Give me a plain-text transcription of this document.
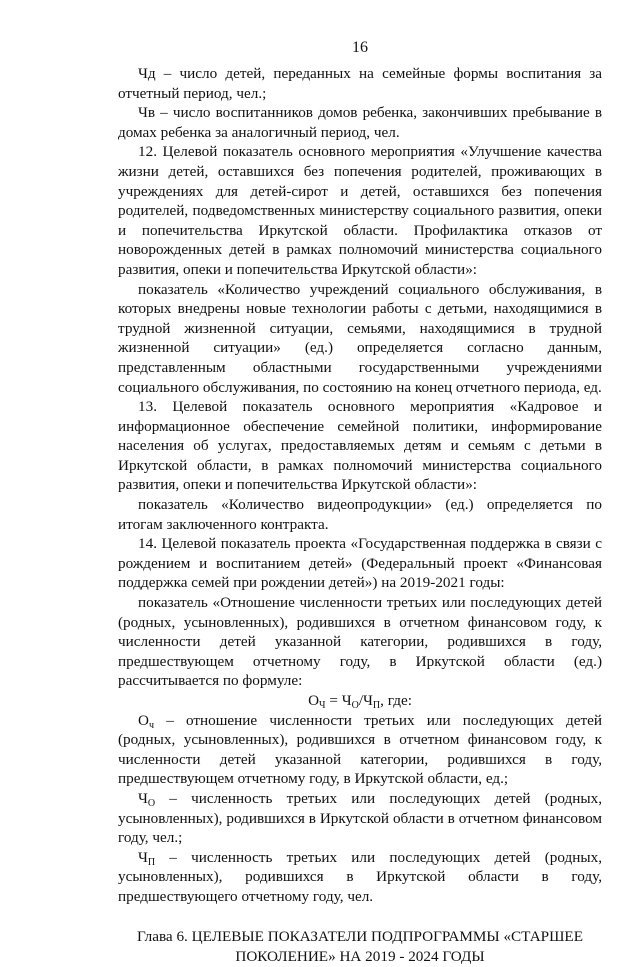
16

Чд – число детей, переданных на семейные формы воспитания за отчетный период, чел.;

Чв – число воспитанников домов ребенка, закончивших пребывание в домах ребенка за аналогичный период, чел.

12. Целевой показатель основного мероприятия «Улучшение качества жизни детей, оставшихся без попечения родителей, проживающих в учреждениях для детей-сирот и детей, оставшихся без попечения родителей, подведомственных министерству социального развития, опеки и попечительства Иркутской области. Профилактика отказов от новорожденных детей в рамках полномочий министерства социального развития, опеки и попечительства Иркутской области»:

показатель «Количество учреждений социального обслуживания, в которых внедрены новые технологии работы с детьми, находящимися в трудной жизненной ситуации, семьями, находящимися в трудной жизненной ситуации» (ед.) определяется согласно данным, представленным областными государственными учреждениями социального обслуживания, по состоянию на конец отчетного периода, ед.

13. Целевой показатель основного мероприятия «Кадровое и информационное обеспечение семейной политики, информирование населения об услугах, предоставляемых детям и семьям с детьми в Иркутской области, в рамках полномочий министерства социального развития, опеки и попечительства Иркутской области»:

показатель «Количество видеопродукции» (ед.) определяется по итогам заключенного контракта.

14. Целевой показатель проекта «Государственная поддержка в связи с рождением и воспитанием детей» (Федеральный проект «Финансовая поддержка семей при рождении детей») на 2019-2021 годы:

показатель «Отношение численности третьих или последующих детей (родных, усыновленных), родившихся в отчетном финансовом году, к численности детей указанной категории, родившихся в году, предшествующем отчетному году, в Иркутской области (ед.) рассчитывается по формуле:

$О_Ч = Ч_О/Ч_П$, где:

$О_ч$ – отношение численности третьих или последующих детей (родных, усыновленных), родившихся в отчетном финансовом году, к численности детей указанной категории, родившихся в году, предшествующем отчетному году, в Иркутской области, ед.;

$Ч_О$ – численность третьих или последующих детей (родных, усыновленных), родившихся в Иркутской области в отчетном финансовом году, чел.;

$Ч_П$ – численность третьих или последующих детей (родных, усыновленных), родившихся в Иркутской области в году, предшествующего отчетному году, чел.

Глава 6. ЦЕЛЕВЫЕ ПОКАЗАТЕЛИ ПОДПРОГРАММЫ «СТАРШЕЕ
ПОКОЛЕНИЕ» НА 2019 - 2024 ГОДЫ
